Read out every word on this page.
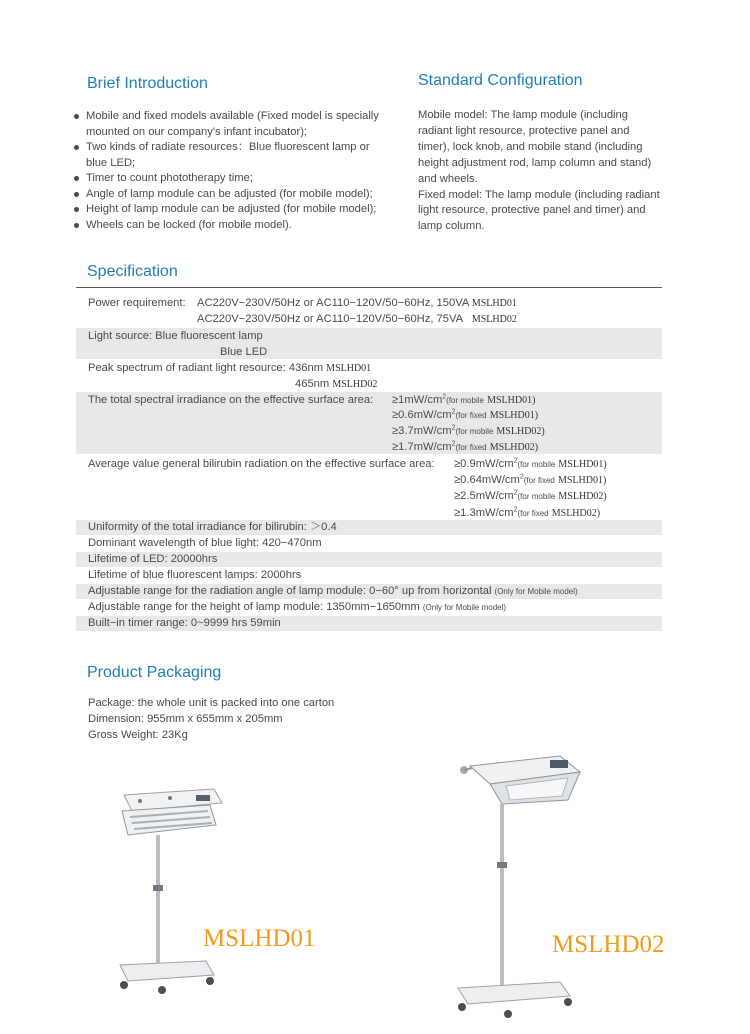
Brief Introduction
Mobile and fixed models available (Fixed model is specially
mounted on our company's infant incubator);
Two kinds of radiate resources：Blue fluorescent lamp or
blue LED;
Timer to count phototherapy time;
Angle of lamp module can be adjusted (for mobile model);
Height of lamp module can be adjusted (for mobile model);
Wheels can be locked (for mobile model).
Standard Configuration
Mobile model: The lamp module (including
radiant light resource, protective panel and
timer), lock knob, and mobile stand (including
height adjustment rod, lamp column and stand)
and wheels.
Fixed model: The lamp module (including radiant
light resource, protective panel and timer) and
lamp column.
Specification
Power requirement: AC220V−230V/50Hz or AC110−120V/50−60Hz, 150VA MSLHD01
AC220V−230V/50Hz or AC110−120V/50−60Hz, 75VA MSLHD02
Light source: Blue fluorescent lamp
Blue LED
Peak spectrum of radiant light resource: 436nm MSLHD01
465nm MSLHD02
The total spectral irradiance on the effective surface area: $\ge 1mW/cm^2(for$ mobile MSLHD01)
$\ge 0.6mW/cm^2(for$ fixed MSLHD01)
$\ge 3.7mW/cm^2(for$ mobile MSLHD02)
$\ge 1.7mW/cm^2(for$ fixed MSLHD02)
Average value general bilirubin radiation on the effective surface area: $\ge 0.9mW/cm^2(for$ mobile MSLHD01)
$\ge 0.64mW/cm^2(for$ fixed MSLHD01)
$\ge 2.5mW/cm^2(for$ mobile MSLHD02)
$\ge 1.3mW/cm^2(for$ fixed MSLHD02)
Uniformity of the total irradiance for bilirubin: ＞0.4
Dominant wavelength of blue light: 420−470nm
Lifetime of LED: 20000hrs
Lifetime of blue fluorescent lamps: 2000hrs
Adjustable range for the radiation angle of lamp module: 0−60° up from horizontal (Only for Mobile model)
Adjustable range for the height of lamp module: 1350mm−1650mm (Only for Mobile model)
Built−in timer range: 0~9999 hrs 59min
Product Packaging
Package: the whole unit is packed into one carton
Dimension: 955mm x 655mm x 205mm
Gross Weight: 23Kg
MSLHD01	MSLHD02
